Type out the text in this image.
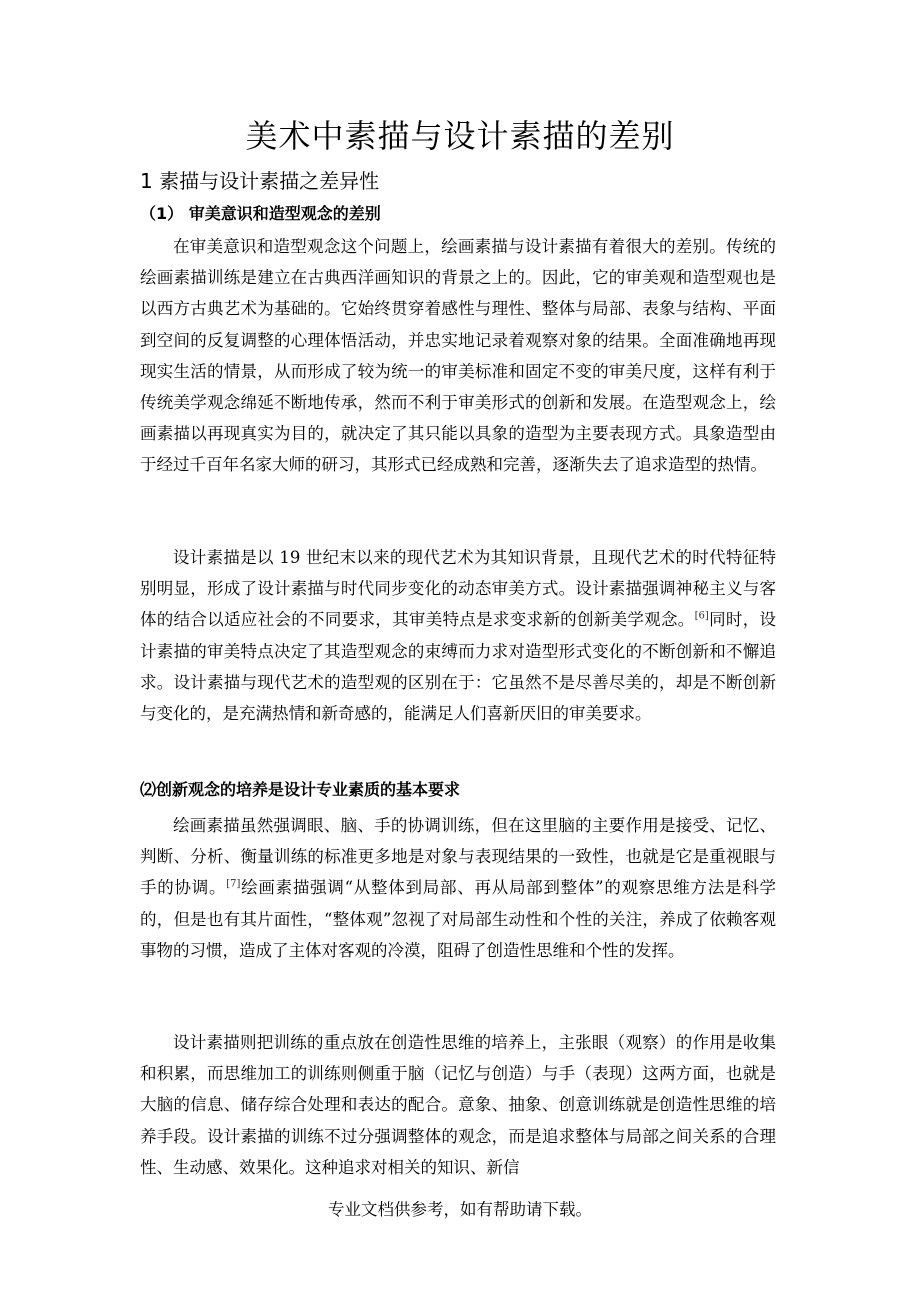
美术中素描与设计素描的差别
1 素描与设计素描之差异性
（1） 审美意识和造型观念的差别

在审美意识和造型观念这个问题上，绘画素描与设计素描有着很大的差别。传统的绘画素描训练是建立在古典西洋画知识的背景之上的。因此，它的审美观和造型观也是以西方古典艺术为基础的。它始终贯穿着感性与理性、整体与局部、表象与结构、平面到空间的反复调整的心理体悟活动，并忠实地记录着观察对象的结果。全面准确地再现现实生活的情景，从而形成了较为统一的审美标准和固定不变的审美尺度，这样有利于传统美学观念绵延不断地传承，然而不利于审美形式的创新和发展。在造型观念上，绘画素描以再现真实为目的，就决定了其只能以具象的造型为主要表现方式。具象造型由于经过千百年名家大师的研习，其形式已经成熟和完善，逐渐失去了追求造型的热情。

设计素描是以 19 世纪末以来的现代艺术为其知识背景，且现代艺术的时代特征特别明显，形成了设计素描与时代同步变化的动态审美方式。设计素描强调神秘主义与客体的结合以适应社会的不同要求，其审美特点是求变求新的创新美学观念。[6]同时，设计素描的审美特点决定了其造型观念的束缚而力求对造型形式变化的不断创新和不懈追求。设计素描与现代艺术的造型观的区别在于：它虽然不是尽善尽美的，却是不断创新与变化的，是充满热情和新奇感的，能满足人们喜新厌旧的审美要求。

⑵创新观念的培养是设计专业素质的基本要求

绘画素描虽然强调眼、脑、手的协调训练，但在这里脑的主要作用是接受、记忆、判断、分析、衡量训练的标准更多地是对象与表现结果的一致性，也就是它是重视眼与手的协调。[7]绘画素描强调“从整体到局部、再从局部到整体”的观察思维方法是科学的，但是也有其片面性，“整体观”忽视了对局部生动性和个性的关注，养成了依赖客观事物的习惯，造成了主体对客观的冷漠，阻碍了创造性思维和个性的发挥。

设计素描则把训练的重点放在创造性思维的培养上，主张眼（观察）的作用是收集和积累，而思维加工的训练则侧重于脑（记忆与创造）与手（表现）这两方面，也就是大脑的信息、储存综合处理和表达的配合。意象、抽象、创意训练就是创造性思维的培养手段。设计素描的训练不过分强调整体的观念，而是追求整体与局部之间关系的合理性、生动感、效果化。这种追求对相关的知识、新信

专业文档供参考，如有帮助请下载。
